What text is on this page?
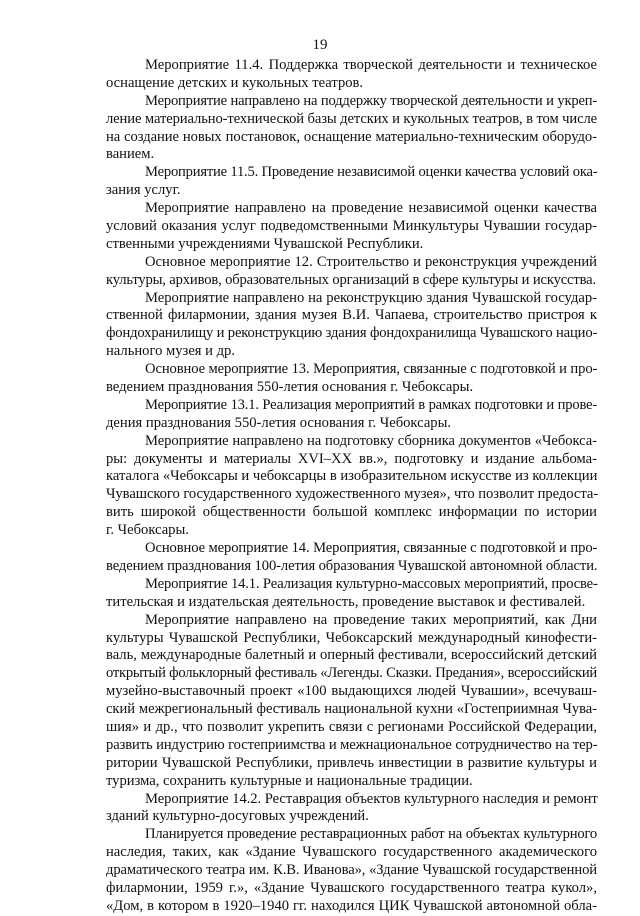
19
Мероприятие 11.4. Поддержка творческой деятельности и техническое
оснащение детских и кукольных театров.
Мероприятие направлено на поддержку творческой деятельности и укреп-
ление материально-технической базы детских и кукольных театров, в том числе
на создание новых постановок, оснащение материально-техническим оборудо-
ванием.
Мероприятие 11.5. Проведение независимой оценки качества условий ока-
зания услуг.
Мероприятие направлено на проведение независимой оценки качества
условий оказания услуг подведомственными Минкультуры Чувашии государ-
ственными учреждениями Чувашской Республики.
Основное мероприятие 12. Строительство и реконструкция учреждений
культуры, архивов, образовательных организаций в сфере культуры и искусства.
Мероприятие направлено на реконструкцию здания Чувашской государ-
ственной филармонии, здания музея В.И. Чапаева, строительство пристроя к
фондохранилищу и реконструкцию здания фондохранилища Чувашского нацио-
нального музея и др.
Основное мероприятие 13. Мероприятия, связанные с подготовкой и про-
ведением празднования 550-летия основания г. Чебоксары.
Мероприятие 13.1. Реализация мероприятий в рамках подготовки и прове-
дения празднования 550-летия основания г. Чебоксары.
Мероприятие направлено на подготовку сборника документов «Чебокса-
ры: документы и материалы XVI–XX вв.», подготовку и издание альбома-
каталога «Чебоксары и чебоксарцы в изобразительном искусстве из коллекции
Чувашского государственного художественного музея», что позволит предоста-
вить широкой общественности большой комплекс информации по истории
г. Чебоксары.
Основное мероприятие 14. Мероприятия, связанные с подготовкой и про-
ведением празднования 100-летия образования Чувашской автономной области.
Мероприятие 14.1. Реализация культурно-массовых мероприятий, просве-
тительская и издательская деятельность, проведение выставок и фестивалей.
Мероприятие направлено на проведение таких мероприятий, как Дни
культуры Чувашской Республики, Чебоксарский международный кинофести-
валь, международные балетный и оперный фестивали, всероссийский детский
открытый фольклорный фестиваль «Легенды. Сказки. Предания», всероссийский
музейно-выставочный проект «100 выдающихся людей Чувашии», всечуваш-
ский межрегиональный фестиваль национальной кухни «Гостеприимная Чува-
шия» и др., что позволит укрепить связи с регионами Российской Федерации,
развить индустрию гостеприимства и межнациональное сотрудничество на тер-
ритории Чувашской Республики, привлечь инвестиции в развитие культуры и
туризма, сохранить культурные и национальные традиции.
Мероприятие 14.2. Реставрация объектов культурного наследия и ремонт
зданий культурно-досуговых учреждений.
Планируется проведение реставрационных работ на объектах культурного
наследия, таких, как «Здание Чувашского государственного академического
драматического театра им. К.В. Иванова», «Здание Чувашской государственной
филармонии, 1959 г.», «Здание Чувашского государственного театра кукол»,
«Дом, в котором в 1920–1940 гг. находился ЦИК Чувашской автономной обла-
